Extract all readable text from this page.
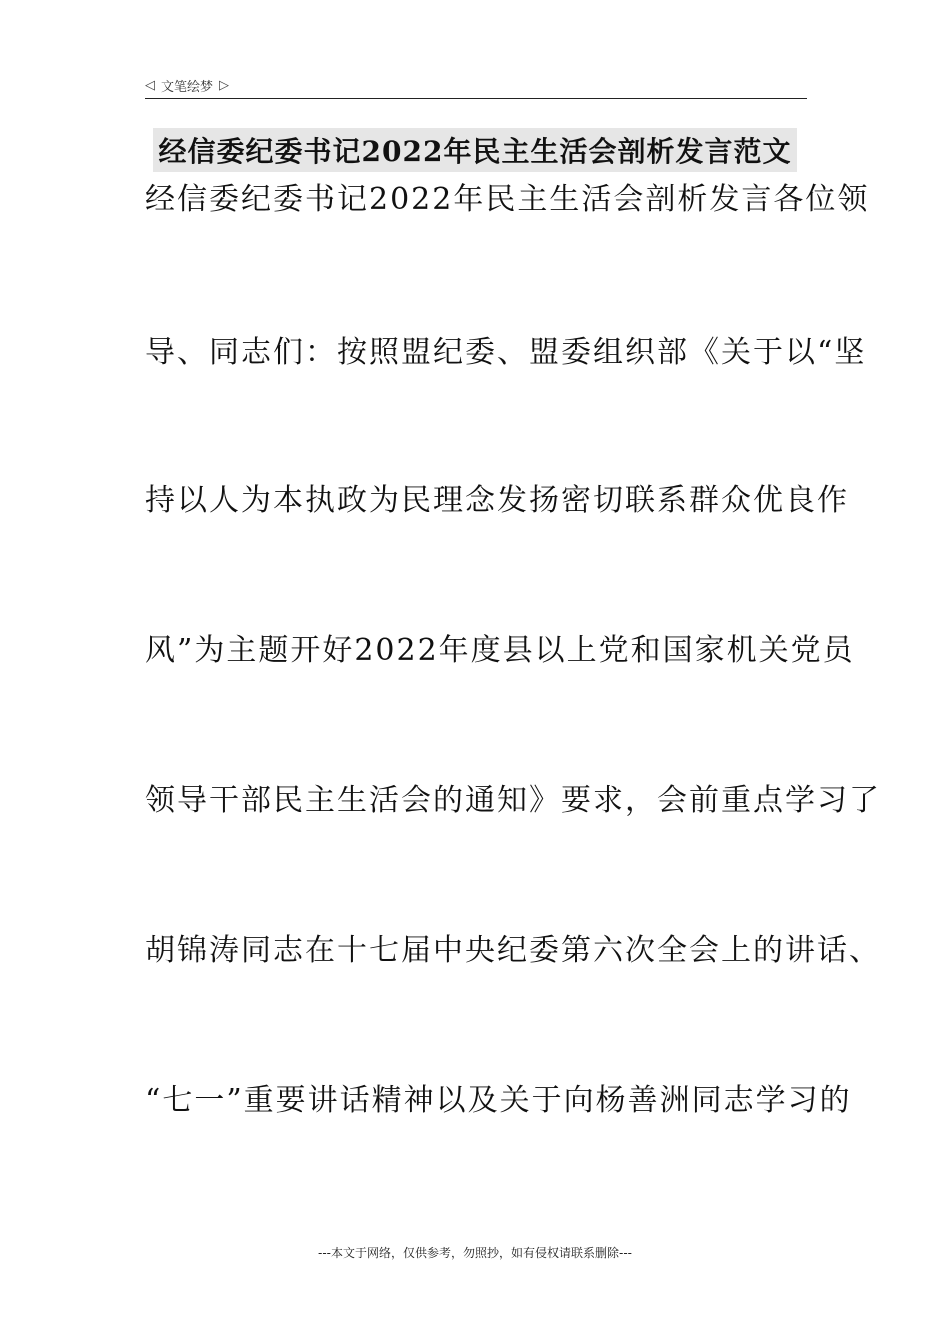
◁ 文笔绘梦 ▷
经信委纪委书记2022年民主生活会剖析发言范文
经信委纪委书记2022年民主生活会剖析发言各位领
导、同志们：按照盟纪委、盟委组织部《关于以“坚
持以人为本执政为民理念发扬密切联系群众优良作
风”为主题开好2022年度县以上党和国家机关党员
领导干部民主生活会的通知》要求，会前重点学习了
胡锦涛同志在十七届中央纪委第六次全会上的讲话、
“七一”重要讲话精神以及关于向杨善洲同志学习的
---本文于网络，仅供参考，勿照抄，如有侵权请联系删除---
